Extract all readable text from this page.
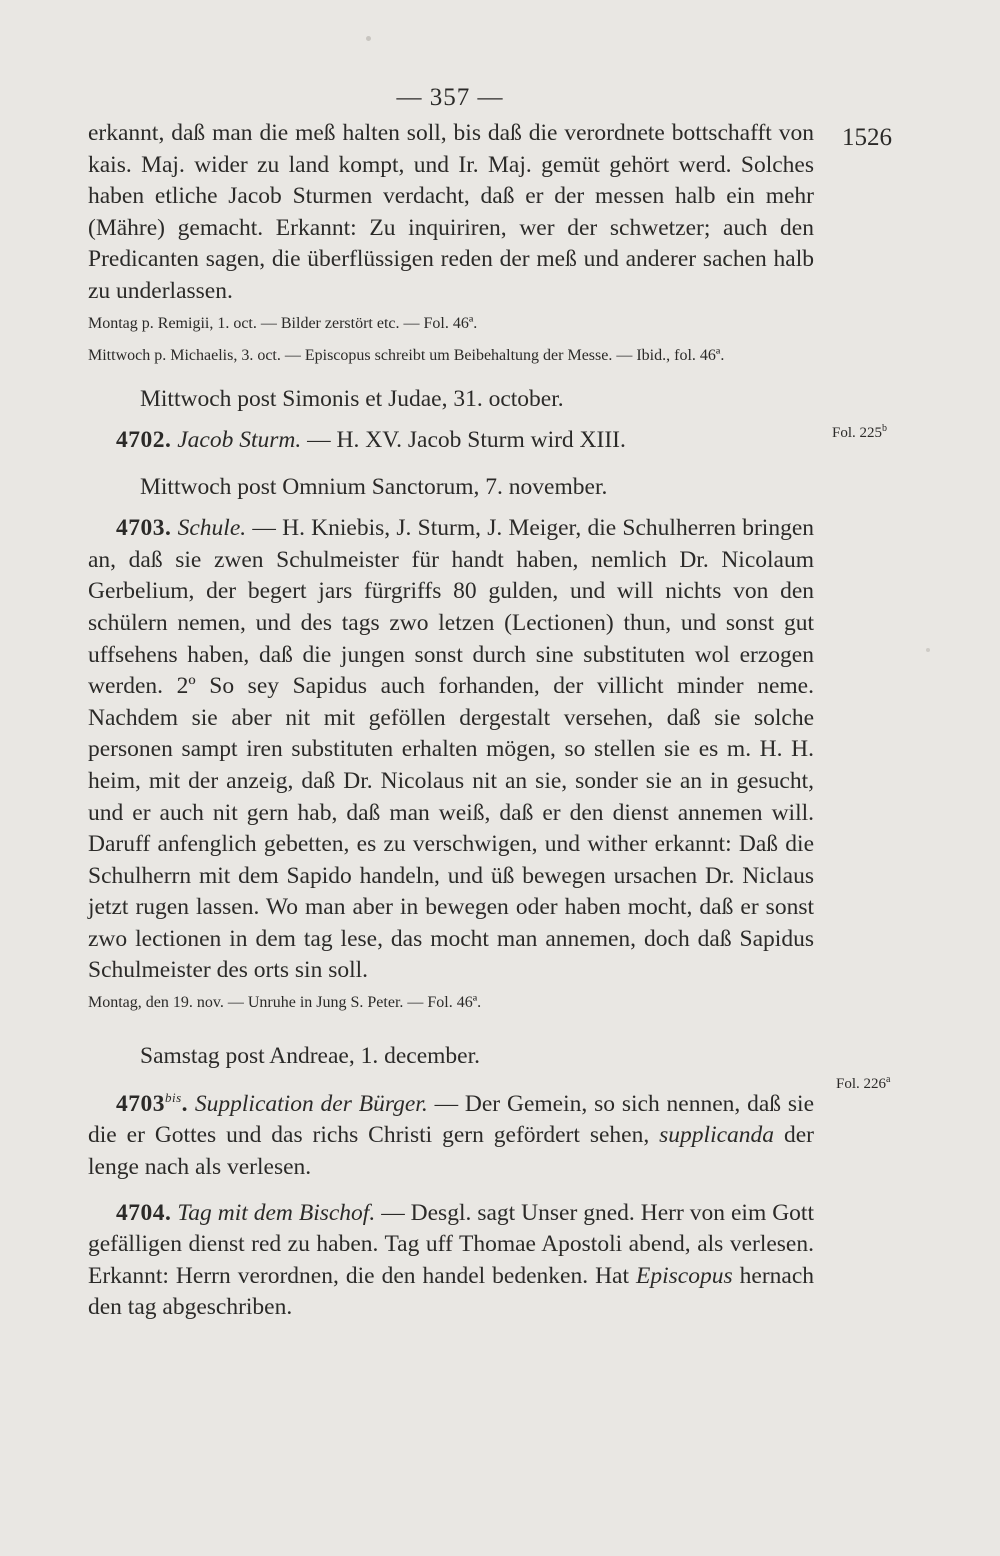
— 357 —
1526
Fol. 225$^b$
Fol. 226$^a$

erkannt, daß man die meß halten soll, bis daß die verordnete bottschafft von kais. Maj. wider zu land kompt, und Ir. Maj. gemüt gehört werd. Solches haben etliche Jacob Sturmen verdacht, daß er der messen halb ein mehr (Mähre) gemacht. Erkannt: Zu inquiriren, wer der schwetzer; auch den Predicanten sagen, die überflüssigen reden der meß und anderer sachen halb zu underlassen.

Montag p. Remigii, 1. oct. — Bilder zerstört etc. — Fol. 46ª.

Mittwoch p. Michaelis, 3. oct. — Episcopus schreibt um Beibehaltung der Messe. — Ibid., fol. 46ª.

Mittwoch post Simonis et Judae, 31. october.

4702. Jacob Sturm. — H. XV. Jacob Sturm wird XIII.

Mittwoch post Omnium Sanctorum, 7. november.

4703. Schule. — H. Kniebis, J. Sturm, J. Meiger, die Schulherren bringen an, daß sie zwen Schulmeister für handt haben, nemlich Dr. Nicolaum Gerbelium, der begert jars fürgriffs 80 gulden, und will nichts von den schülern nemen, und des tags zwo letzen (Lectionen) thun, und sonst gut uffsehens haben, daß die jungen sonst durch sine substituten wol erzogen werden. 2º So sey Sapidus auch forhanden, der villicht minder neme. Nachdem sie aber nit mit geföllen dergestalt versehen, daß sie solche personen sampt iren substituten erhalten mögen, so stellen sie es m. H. H. heim, mit der anzeig, daß Dr. Nicolaus nit an sie, sonder sie an in gesucht, und er auch nit gern hab, daß man weiß, daß er den dienst annemen will. Daruff anfenglich gebetten, es zu verschwigen, und wither erkannt: Daß die Schulherrn mit dem Sapido handeln, und üß bewegen ursachen Dr. Niclaus jetzt rugen lassen. Wo man aber in bewegen oder haben mocht, daß er sonst zwo lectionen in dem tag lese, das mocht man annemen, doch daß Sapidus Schulmeister des orts sin soll.

Montag, den 19. nov. — Unruhe in Jung S. Peter. — Fol. 46ª.

Samstag post Andreae, 1. december.

$4703^{bis}$. Supplication der Bürger. — Der Gemein, so sich nennen, daß sie die er Gottes und das richs Christi gern gefördert sehen, supplicanda der lenge nach als verlesen.

4704. Tag mit dem Bischof. — Desgl. sagt Unser gned. Herr von eim Gott gefälligen dienst red zu haben. Tag uff Thomae Apostoli abend, als verlesen. Erkannt: Herrn verordnen, die den handel bedenken. Hat Episcopus hernach den tag abgeschriben.
